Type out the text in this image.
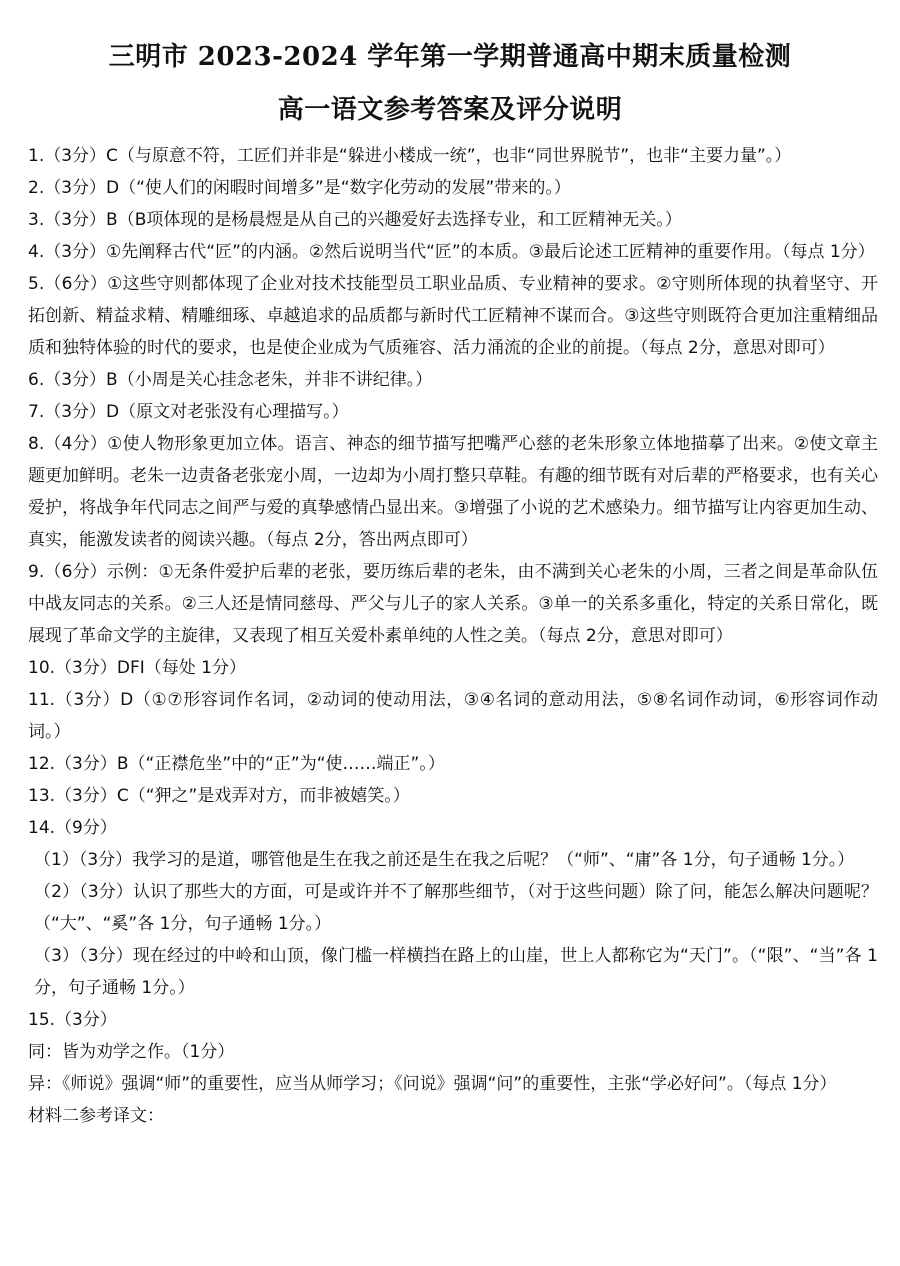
三明市 2023-2024 学年第一学期普通高中期末质量检测
高一语文参考答案及评分说明

1.（3分）C（与原意不符，工匠们并非是“躲进小楼成一统”，也非“同世界脱节”，也非“主要力量”。）

2.（3分）D（“使人们的闲暇时间增多”是“数字化劳动的发展”带来的。）

3.（3分）B（B项体现的是杨晨煜是从自己的兴趣爱好去选择专业，和工匠精神无关。）

4.（3分）①先阐释古代“匠”的内涵。②然后说明当代“匠”的本质。③最后论述工匠精神的重要作用。（每点 1分）

5.（6分）①这些守则都体现了企业对技术技能型员工职业品质、专业精神的要求。②守则所体现的执着坚守、开拓创新、精益求精、精雕细琢、卓越追求的品质都与新时代工匠精神不谋而合。③这些守则既符合更加注重精细品质和独特体验的时代的要求，也是使企业成为气质雍容、活力涌流的企业的前提。（每点 2分，意思对即可）

6.（3分）B（小周是关心挂念老朱，并非不讲纪律。）

7.（3分）D（原文对老张没有心理描写。）

8.（4分）①使人物形象更加立体。语言、神态的细节描写把嘴严心慈的老朱形象立体地描摹了出来。②使文章主题更加鲜明。老朱一边责备老张宠小周，一边却为小周打整只草鞋。有趣的细节既有对后辈的严格要求，也有关心爱护，将战争年代同志之间严与爱的真挚感情凸显出来。③增强了小说的艺术感染力。细节描写让内容更加生动、真实，能激发读者的阅读兴趣。（每点 2分，答出两点即可）

9.（6分）示例：①无条件爱护后辈的老张，要历练后辈的老朱，由不满到关心老朱的小周，三者之间是革命队伍中战友同志的关系。②三人还是情同慈母、严父与儿子的家人关系。③单一的关系多重化，特定的关系日常化，既展现了革命文学的主旋律，又表现了相互关爱朴素单纯的人性之美。（每点 2分，意思对即可）

10.（3分）DFI（每处 1分）

11.（3分）D（①⑦形容词作名词，②动词的使动用法，③④名词的意动用法，⑤⑧名词作动词，⑥形容词作动词。）

12.（3分）B（“正襟危坐”中的“正”为“使……端正”。）

13.（3分）C（“狎之”是戏弄对方，而非被嬉笑。）

14.（9分）

（1）（3分）我学习的是道，哪管他是生在我之前还是生在我之后呢？（“师”、“庸”各 1分，句子通畅 1分。）

（2）（3分）认识了那些大的方面，可是或许并不了解那些细节，（对于这些问题）除了问，能怎么解决问题呢？（“大”、“奚”各 1分，句子通畅 1分。）

（3）（3分）现在经过的中岭和山顶，像门槛一样横挡在路上的山崖，世上人都称它为“天门”。（“限”、“当”各 1分，句子通畅 1分。）

15.（3分）

同：皆为劝学之作。（1分）

异：《师说》强调“师”的重要性，应当从师学习；《问说》强调“问”的重要性，主张“学必好问”。（每点 1分）

材料二参考译文：
